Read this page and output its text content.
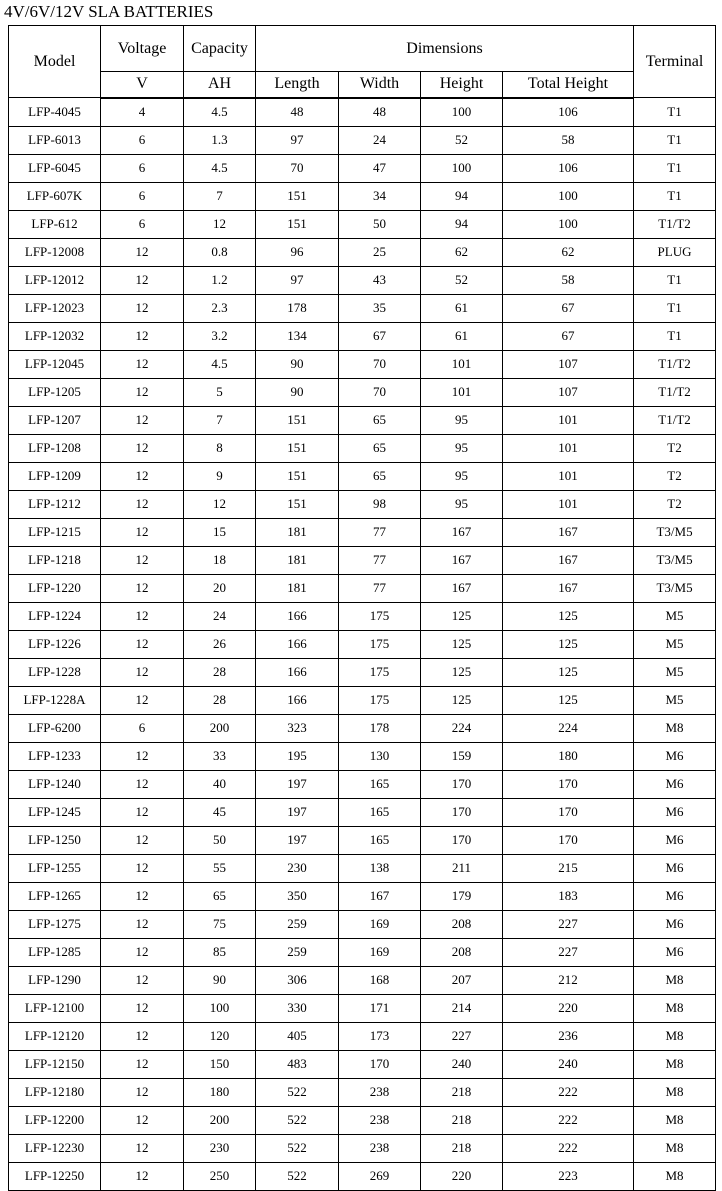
4V/6V/12V SLA BATTERIES
Model	Voltage	Capacity	Dimensions				Terminal
	V	AH	Length	Width	Height	Total Height	
LFP-4045	4	4.5	48	48	100	106	T1
LFP-6013	6	1.3	97	24	52	58	T1
LFP-6045	6	4.5	70	47	100	106	T1
LFP-607K	6	7	151	34	94	100	T1
LFP-612	6	12	151	50	94	100	T1/T2
LFP-12008	12	0.8	96	25	62	62	PLUG
LFP-12012	12	1.2	97	43	52	58	T1
LFP-12023	12	2.3	178	35	61	67	T1
LFP-12032	12	3.2	134	67	61	67	T1
LFP-12045	12	4.5	90	70	101	107	T1/T2
LFP-1205	12	5	90	70	101	107	T1/T2
LFP-1207	12	7	151	65	95	101	T1/T2
LFP-1208	12	8	151	65	95	101	T2
LFP-1209	12	9	151	65	95	101	T2
LFP-1212	12	12	151	98	95	101	T2
LFP-1215	12	15	181	77	167	167	T3/M5
LFP-1218	12	18	181	77	167	167	T3/M5
LFP-1220	12	20	181	77	167	167	T3/M5
LFP-1224	12	24	166	175	125	125	M5
LFP-1226	12	26	166	175	125	125	M5
LFP-1228	12	28	166	175	125	125	M5
LFP-1228A	12	28	166	175	125	125	M5
LFP-6200	6	200	323	178	224	224	M8
LFP-1233	12	33	195	130	159	180	M6
LFP-1240	12	40	197	165	170	170	M6
LFP-1245	12	45	197	165	170	170	M6
LFP-1250	12	50	197	165	170	170	M6
LFP-1255	12	55	230	138	211	215	M6
LFP-1265	12	65	350	167	179	183	M6
LFP-1275	12	75	259	169	208	227	M6
LFP-1285	12	85	259	169	208	227	M6
LFP-1290	12	90	306	168	207	212	M8
LFP-12100	12	100	330	171	214	220	M8
LFP-12120	12	120	405	173	227	236	M8
LFP-12150	12	150	483	170	240	240	M8
LFP-12180	12	180	522	238	218	222	M8
LFP-12200	12	200	522	238	218	222	M8
LFP-12230	12	230	522	238	218	222	M8
LFP-12250	12	250	522	269	220	223	M8
